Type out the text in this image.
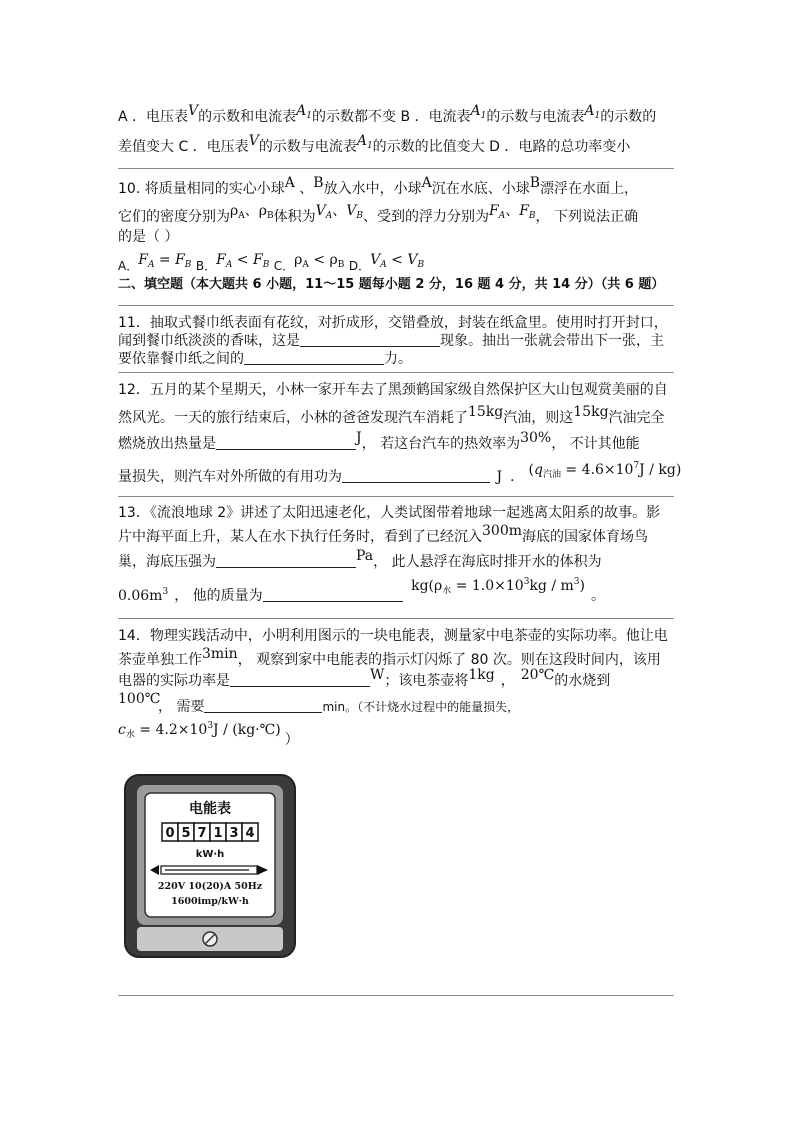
A ．电压表V的示数和电流表$A_1$的示数都不变 B ．电流表$A_1$的示数与电流表$A_1$的示数的
差值变大 C ．电压表V的示数与电流表$A_1$的示数的比值变大 D ．电路的总功率变小
10. 将质量相同的实心小球A 、B放入水中，小球A沉在水底、小球B漂浮在水面上，
它们的密度分别为$\rho_A$、$\rho_B$体积为$V_A$、$V_B$、受到的浮力分别为$F_A$、$F_B$， 下列说法正确
的是（ ）
A．$F_A = F_B$ B．$F_A < F_B$ C．$\rho_A < \rho_B$ D．$V_A < V_B$
二、填空题（本大题共 6 小题，11～15 题每小题 2 分，16 题 4 分，共 14 分）（共 6 题）
11．抽取式餐巾纸表面有花纹，对折成形，交错叠放，封装在纸盒里。使用时打开封口，
闻到餐巾纸淡淡的香味，这是	现象。抽出一张就会带出下一张，主
要依靠餐巾纸之间的	力。
12．五月的某个星期天，小林一家开车去了黑颈鹤国家级自然保护区大山包观赏美丽的自
然风光。一天的旅行结束后，小林的爸爸发现汽车消耗了15kg汽油，则这15kg汽油完全
燃烧放出热量是	J， 若这台汽车的热效率为30%， 不计其他能
量损失，则汽车对外所做的有用功为	J ． $(q_{汽油} = 4.6\times 10^7J / kg)$
13．《流浪地球 2》讲述了太阳迅速老化，人类试图带着地球一起逃离太阳系的故事。影
片中海平面上升，某人在水下执行任务时，看到了已经沉入300m海底的国家体育场鸟
巢，海底压强为	Pa， 此人悬浮在海底时排开水的体积为
$0.06m^3$ ， 他的质量为 $kg(\rho_水 = 1.0\times 10^3kg / m^3)$。
14．物理实践活动中，小明利用图示的一块电能表，测量家中电茶壶的实际功率。他让电
茶壶单独工作3min， 观察到家中电能表的指示灯闪烁了 80 次。则在这段时间内，该用
电器的实际功率是	W；该电茶壶将1kg ， 20℃的水烧到
100℃
， 需要	min。（不计烧水过程中的能量损失，
$c_水 = 4.2\times 10^3J$ / (kg·℃)）
电能表
0 5 7 1 3 4
kW·h
220V 10(20)A 50Hz
1600imp/kW·h
